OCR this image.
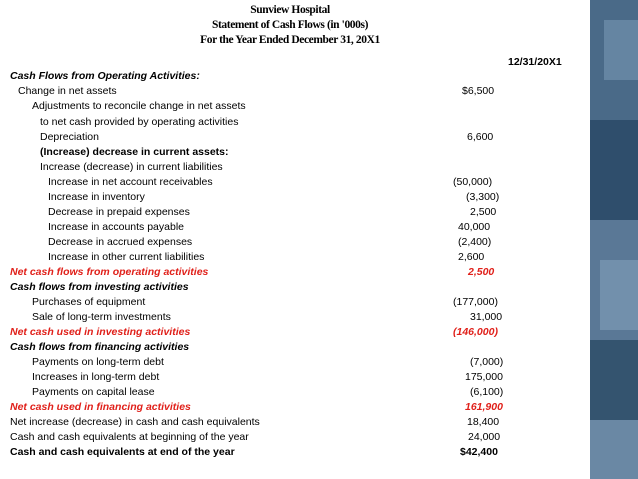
Sunview Hospital
Statement of Cash Flows (in '000s)
For the Year Ended December 31, 20X1
12/31/20X1
Cash Flows from Operating Activities:
Change in net assets	$6,500
Adjustments to reconcile change in net assets
to net cash provided by operating activities
Depreciation	6,600
(Increase) decrease in current assets:
Increase (decrease) in current liabilities
Increase in net account receivables	(50,000)
Increase in inventory	(3,300)
Decrease in prepaid expenses	2,500
Increase in accounts payable	40,000
Decrease in accrued expenses	(2,400)
Increase in other current liabilities	2,600
Net cash flows from operating activities	2,500
Cash flows from investing activities
Purchases of equipment	(177,000)
Sale of long-term investments	31,000
Net cash used in investing activities	(146,000)
Cash flows from financing activities
Payments on long-term debt	(7,000)
Increases in long-term debt	175,000
Payments on capital lease	(6,100)
Net cash used in financing activities	161,900
Net increase (decrease) in cash and cash equivalents	18,400
Cash and cash equivalents at beginning of the year	24,000
Cash and cash equivalents at end of the year	$42,400
